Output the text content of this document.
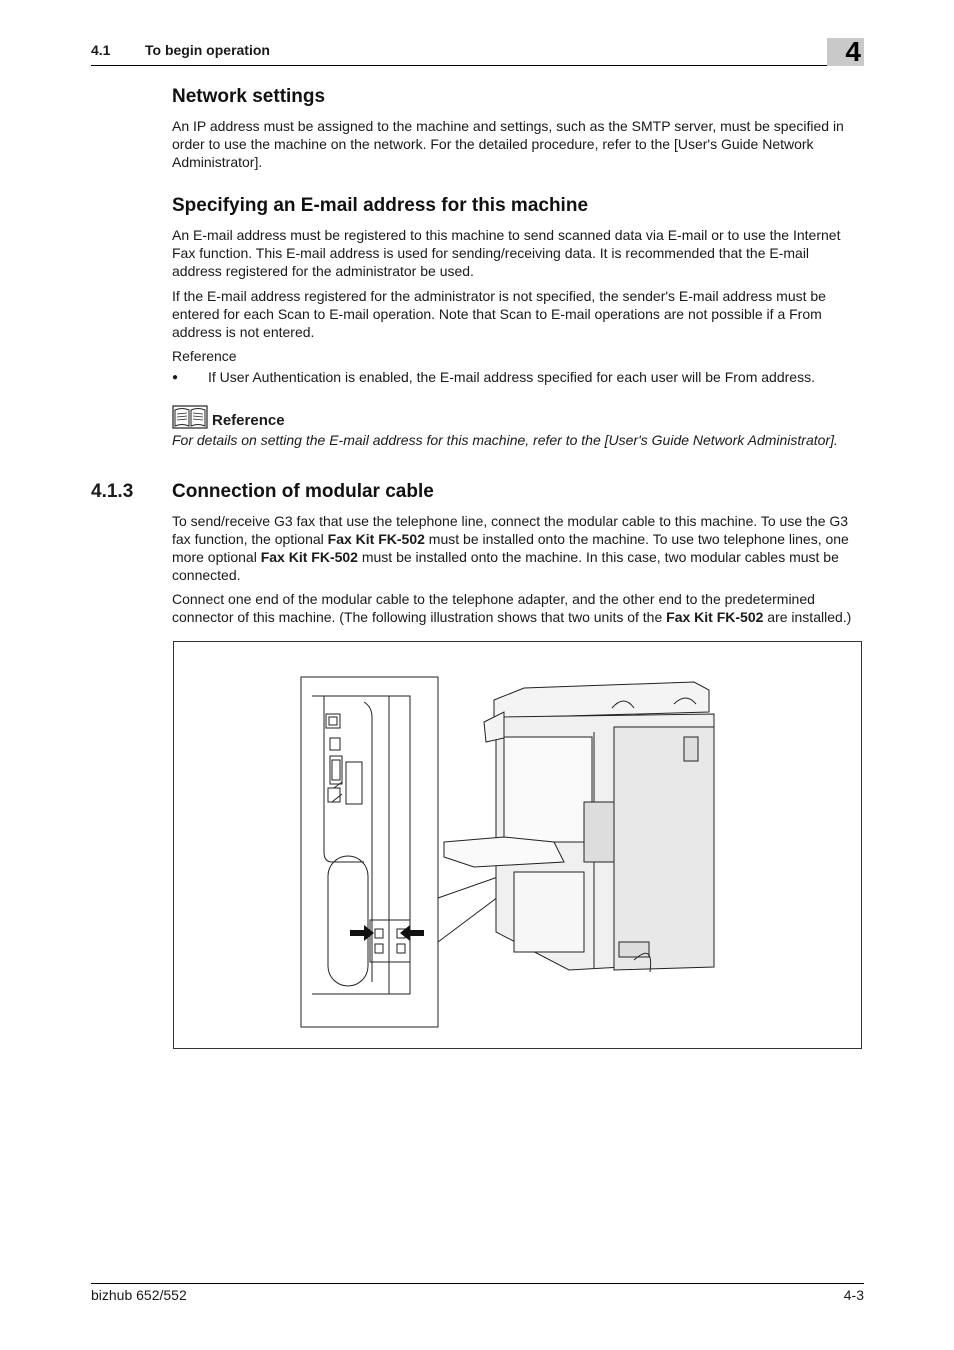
4.1 To begin operation	4
Network settings
An IP address must be assigned to the machine and settings, such as the SMTP server, must be specified in order to use the machine on the network. For the detailed procedure, refer to the [User's Guide Network Administrator].
Specifying an E-mail address for this machine
An E-mail address must be registered to this machine to send scanned data via E-mail or to use the Internet Fax function. This E-mail address is used for sending/receiving data. It is recommended that the E-mail address registered for the administrator be used.
If the E-mail address registered for the administrator is not specified, the sender's E-mail address must be entered for each Scan to E-mail operation. Note that Scan to E-mail operations are not possible if a From address is not entered.
Reference
● If User Authentication is enabled, the E-mail address specified for each user will be From address.
Reference
For details on setting the E-mail address for this machine, refer to the [User's Guide Network Administrator].
4.1.3 Connection of modular cable
To send/receive G3 fax that use the telephone line, connect the modular cable to this machine. To use the G3 fax function, the optional Fax Kit FK-502 must be installed onto the machine. To use two telephone lines, one more optional Fax Kit FK-502 must be installed onto the machine. In this case, two modular cables must be connected.
Connect one end of the modular cable to the telephone adapter, and the other end to the predetermined connector of this machine. (The following illustration shows that two units of the Fax Kit FK-502 are installed.)
bizhub 652/552	4-3
